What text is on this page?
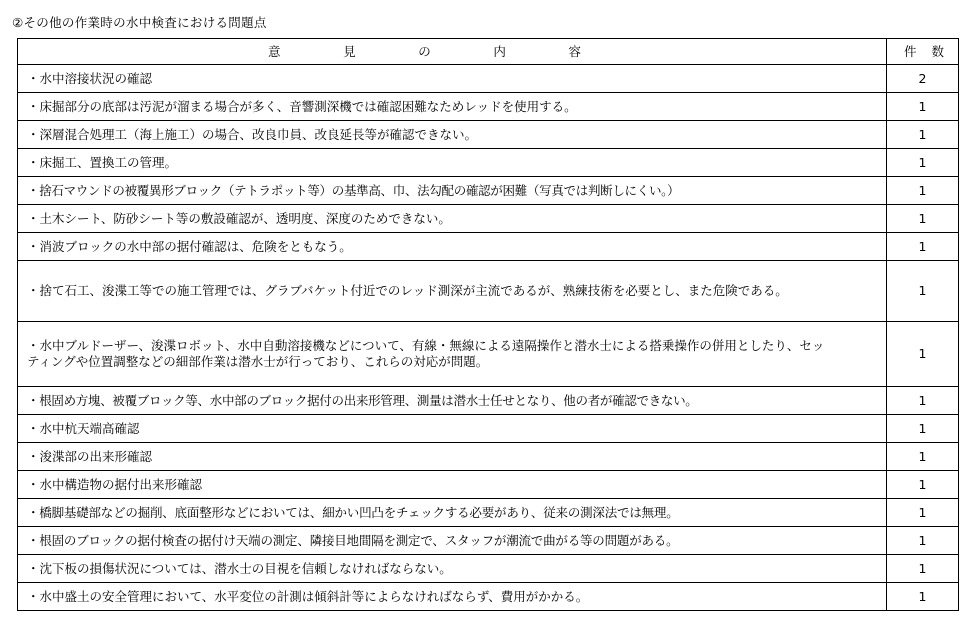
②その他の作業時の水中検査における問題点
意 見 の 内 容	件 数

・水中溶接状況の確認	2
・床掘部分の底部は汚泥が溜まる場合が多く、音響測深機では確認困難なためレッドを使用する。	1
・深層混合処理工（海上施工）の場合、改良巾員、改良延長等が確認できない。	1
・床掘工、置換工の管理。	1
・捨石マウンドの被覆異形ブロック（テトラポット等）の基準高、巾、法勾配の確認が困難（写真では判断しにくい。）	1
・土木シート、防砂シート等の敷設確認が、透明度、深度のためできない。	1
・消波ブロックの水中部の据付確認は、危険をともなう。	1
・捨て石工、浚渫工等での施工管理では、グラブバケット付近でのレッド測深が主流であるが、熟練技術を必要とし、また危険である。	1
・水中ブルドーザー、浚渫ロボット、水中自動溶接機などについて、有線・無線による遠隔操作と潜水士による搭乗操作の併用としたり、セッティングや位置調整などの細部作業は潜水士が行っており、これらの対応が問題。	1
・根固め方塊、被覆ブロック等、水中部のブロック据付の出来形管理、測量は潜水士任せとなり、他の者が確認できない。	1
・水中杭天端高確認	1
・浚渫部の出来形確認	1
・水中構造物の据付出来形確認	1
・橋脚基礎部などの掘削、底面整形などにおいては、細かい凹凸をチェックする必要があり、従来の測深法では無理。	1
・根固のブロックの据付検査の据付け天端の測定、隣接目地間隔を測定で、スタッフが潮流で曲がる等の問題がある。	1
・沈下板の損傷状況については、潜水士の目視を信頼しなければならない。	1
・水中盛土の安全管理において、水平変位の計測は傾斜計等によらなければならず、費用がかかる。	1
